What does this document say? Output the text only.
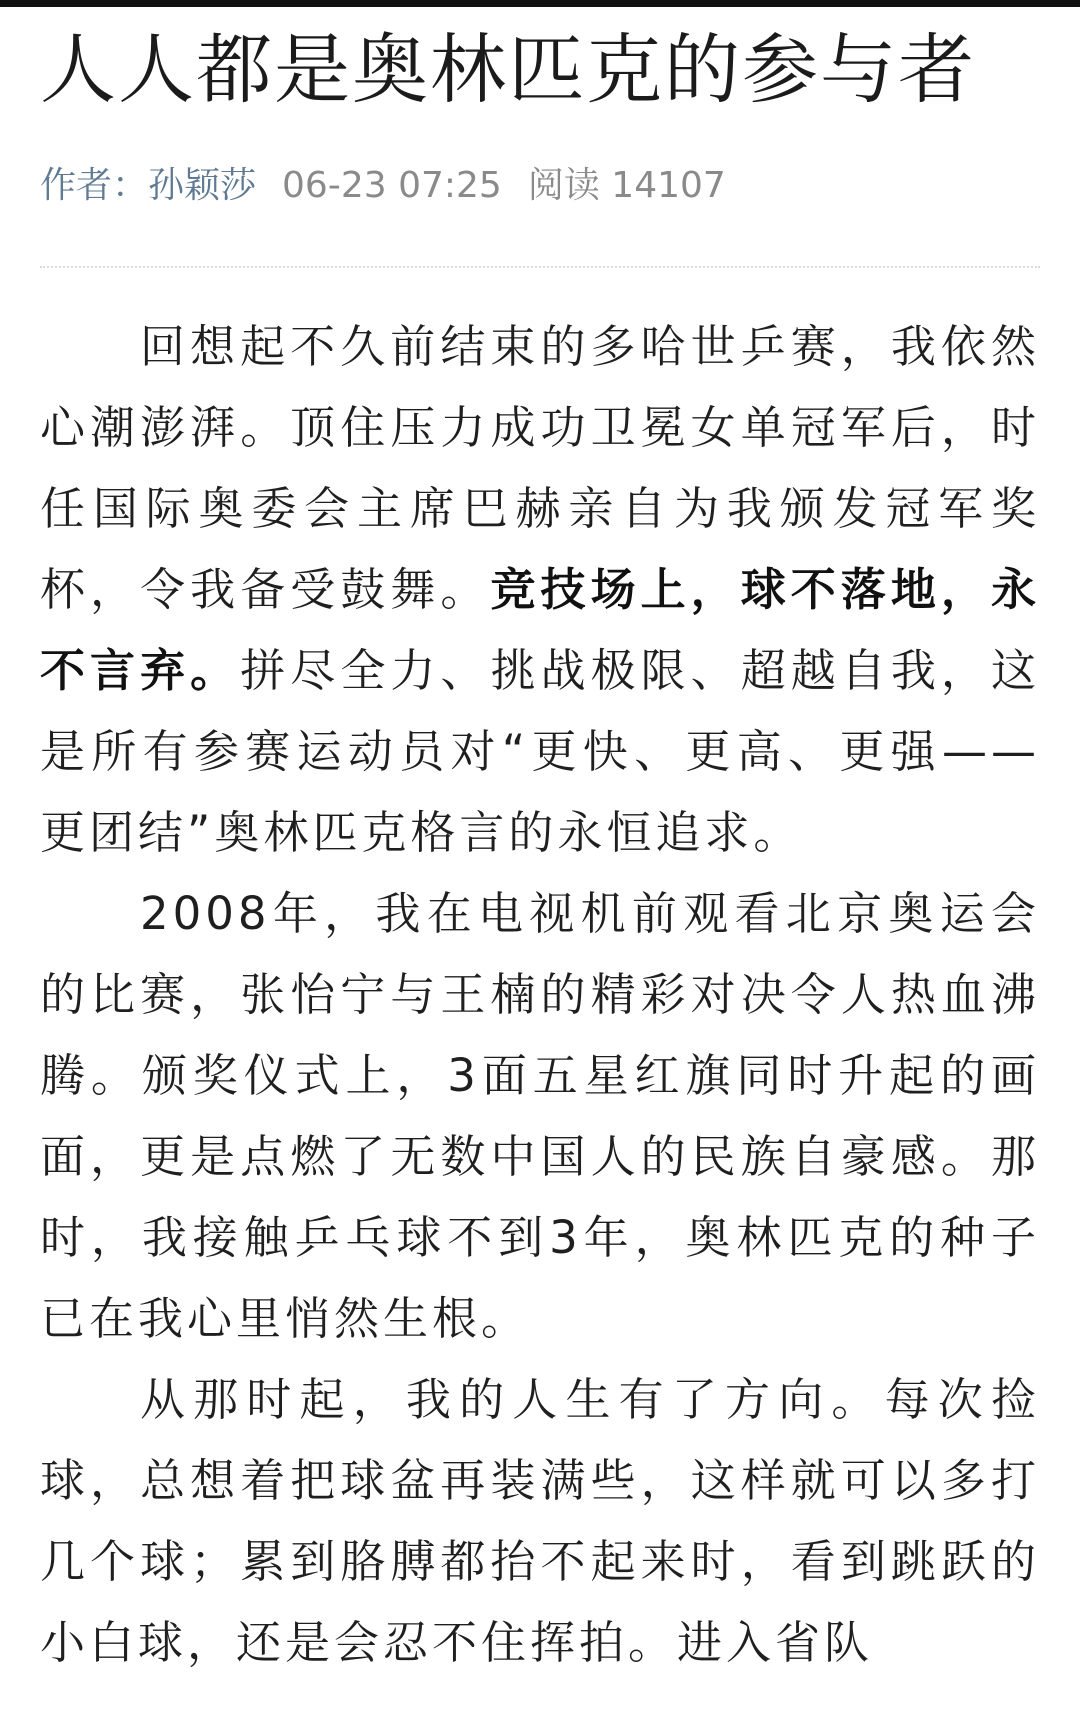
人人都是奥林匹克的参与者
作者：孙颖莎 06-23 07:25 阅读 14107

回想起不久前结束的多哈世乒赛，我依然心潮澎湃。顶住压力成功卫冕女单冠军后，时任国际奥委会主席巴赫亲自为我颁发冠军奖杯，令我备受鼓舞。竞技场上，球不落地，永不言弃。拼尽全力、挑战极限、超越自我，这是所有参赛运动员对“更快、更高、更强——更团结”奥林匹克格言的永恒追求。

2008年，我在电视机前观看北京奥运会的比赛，张怡宁与王楠的精彩对决令人热血沸腾。颁奖仪式上，3面五星红旗同时升起的画面，更是点燃了无数中国人的民族自豪感。那时，我接触乒乓球不到3年，奥林匹克的种子已在我心里悄然生根。

从那时起，我的人生有了方向。每次捡球，总想着把球盆再装满些，这样就可以多打几个球；累到胳膊都抬不起来时，看到跳跃的小白球，还是会忍不住挥拍。进入省队
